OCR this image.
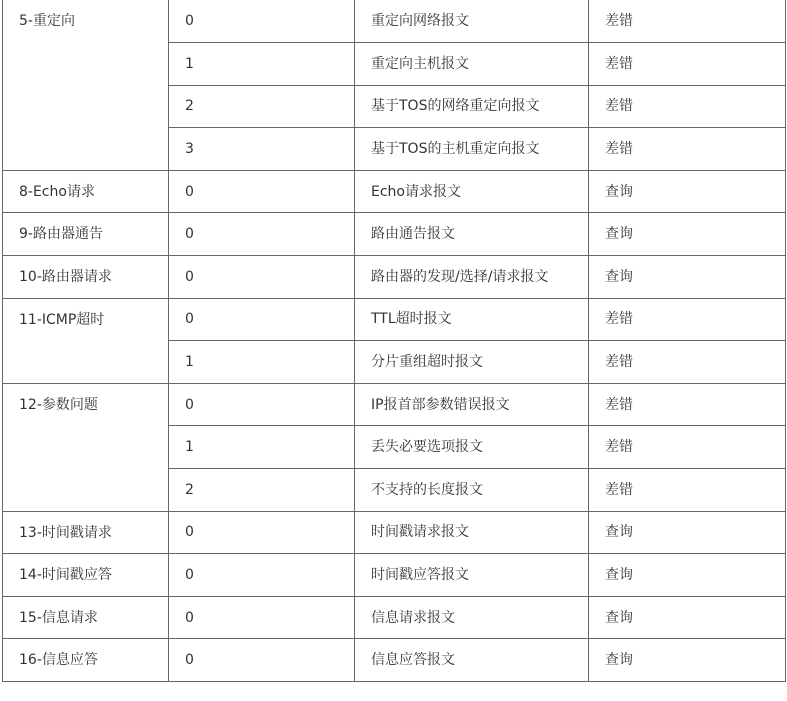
5-重定向	0	重定向网络报文	差错
	1	重定向主机报文	差错
	2	基于TOS的网络重定向报文	差错
	3	基于TOS的主机重定向报文	差错
8-Echo请求	0	Echo请求报文	查询
9-路由器通告	0	路由通告报文	查询
10-路由器请求	0	路由器的发现/选择/请求报文	查询
11-ICMP超时	0	TTL超时报文	差错
	1	分片重组超时报文	差错
12-参数问题	0	IP报首部参数错误报文	差错
	1	丢失必要选项报文	差错
	2	不支持的长度报文	差错
13-时间戳请求	0	时间戳请求报文	查询
14-时间戳应答	0	时间戳应答报文	查询
15-信息请求	0	信息请求报文	查询
16-信息应答	0	信息应答报文	查询
